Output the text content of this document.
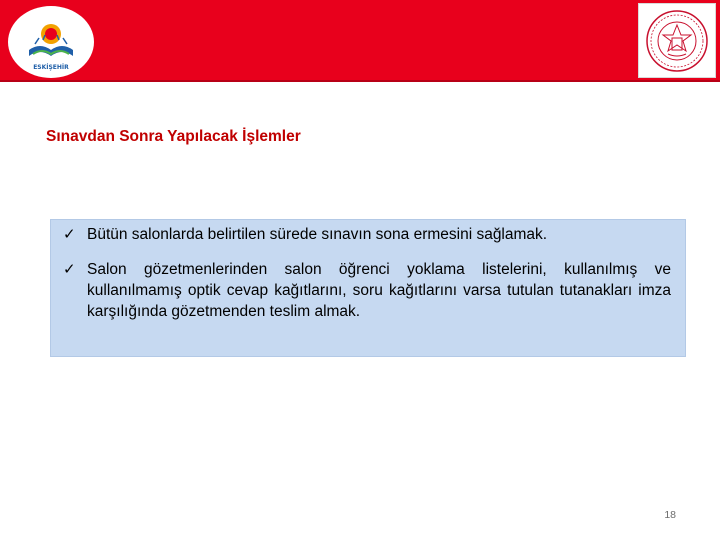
ESKİŞEHİR
Sınavdan Sonra Yapılacak İşlemler
✓ Bütün salonlarda belirtilen sürede sınavın sona ermesini sağlamak.
✓ Salon gözetmenlerinden salon öğrenci yoklama listelerini, kullanılmış ve kullanılmamış optik cevap kağıtlarını, soru kağıtlarını varsa tutulan tutanakları imza karşılığında gözetmenden teslim almak.
18
